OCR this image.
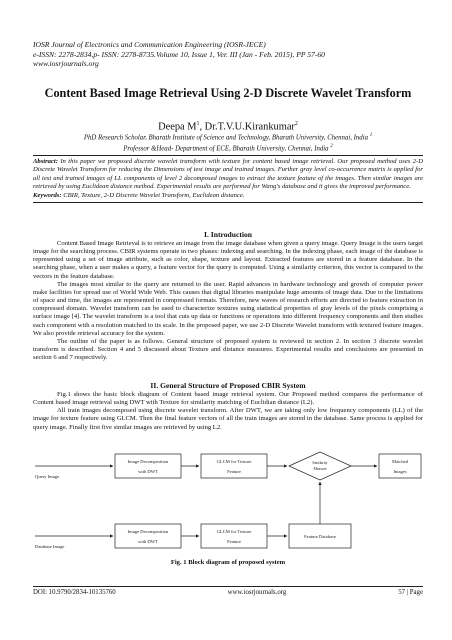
IOSR Journal of Electronics and Communication Engineering (IOSR-JECE)
e-ISSN: 2278-2834,p- ISSN: 2278-8735.Volume 10, Issue 1, Ver. III (Jan - Feb. 2015), PP 57-60
www.iosrjournals.org
Content Based Image Retrieval Using 2-D Discrete Wavelet Transform
Deepa $M^1$, Dr.T.V.U.Kirankumar$^2$
PhD Research Scholar, Bharath Institute of Science and Technology, Bharath University, Chennai, India $^1$
Professor &Head- Department of ECE, Bharath University, Chennai, India $^2$
Abstract: In this paper we proposed discrete wavelet transform with texture for content based image retrieval. Our proposed method uses 2-D Discrete Wavelet Transform for reducing the Dimensions of test image and trained images. Further gray level co-occurrence matrix is applied for all test and trained images of LL components of level 2 decomposed images to extract the texture feature of the images. Then similar images are retrieved by using Euclidean distance method. Experimental results are performed for Wang's database and it gives the improved performance.
Keywords: CBIR, Texture, 2-D Discrete Wavelet Transform, Euclidean distance.
I. Introduction

Content Based Image Retrieval is to retrieve an image from the image database when given a query image. Query Image is the users target image for the searching process. CBIR systems operate in two phases: indexing and searching. In the indexing phase, each image of the database is represented using a set of image attribute, such as color, shape, texture and layout. Extracted features are stored in a feature database. In the searching phase, when a user makes a query, a feature vector for the query is computed. Using a similarity criterion, this vector is compared to the vectors in the feature database.

The images most similar to the query are returned to the user. Rapid advances in hardware technology and growth of computer power make facilities for spread use of World Wide Web. This causes that digital libraries manipulate huge amounts of image data. Due to the limitations of space and time, the images are represented in compressed formats. Therefore, new waves of research efforts are directed to feature extraction in compressed domain. Wavelet transform can be used to characterize textures using statistical properties of gray levels of the pixels comprising a surface image [4]. The wavelet transform is a tool that cuts up data or functions or operations into different frequency components and then studies each component with a resolution matched to its scale. In the proposed paper, we use 2-D Discrete Wavelet transform with textured feature images. We also provide retrieval accuracy for the system.

The outline of the paper is as follows. General structure of proposed system is reviewed in section 2. In section 3 discrete wavelet transform is described. Section 4 and 5 discussed about Texture and distance measures. Experimental results and conclusions are presented in section 6 and 7 respectively.

II. General Structure of Proposed CBIR System

Fig.1 shows the basic block diagram of Content based image retrieval system. Our Proposed method compares the performance of Content based image retrieval using DWT with Texture for similarity matching of Euclidian distance (L2).

All train images decomposed using discrete wavelet transform. After DWT, we are taking only low frequency components (LL) of the image for texture feature using GLCM. Then the final feature vectors of all the train images are stored in the database. Same process is applied for query image. Finally first five similar images are retrieved by using L2.

Query Image
Database Image
Image Decomposition
with DWT
GLCM for Texture
Feature
Similarity
Measure
Matched
Images
Image Decomposition
with DWT
GLCM for Texture
Feature
Feature Database
Fig. 1 Block diagram of proposed system
DOI: 10.9790/2834-10135760	www.iosrjournals.org	57 | Page
